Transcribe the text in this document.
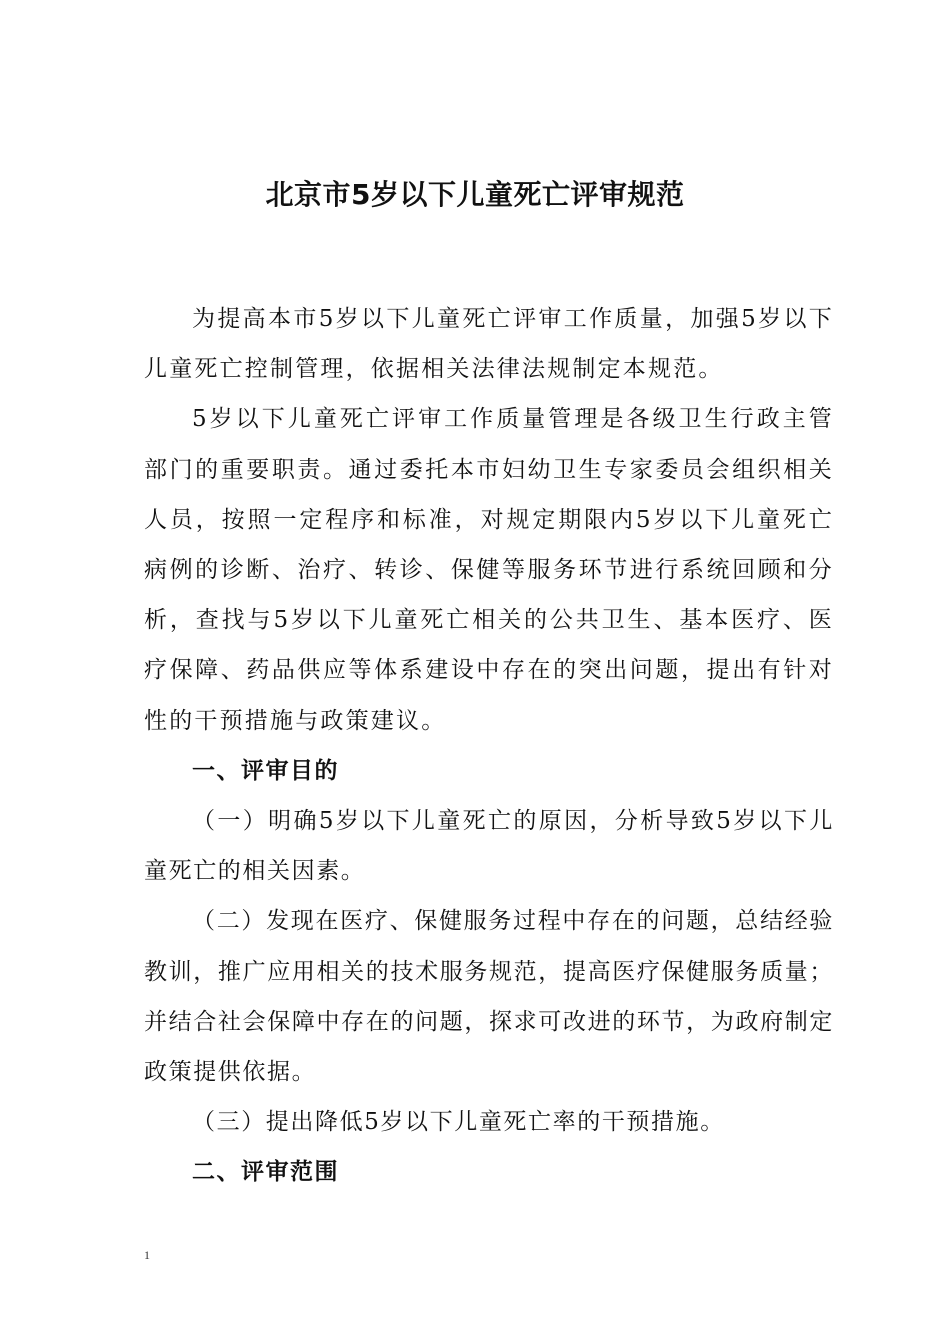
北京市5岁以下儿童死亡评审规范

为提高本市5岁以下儿童死亡评审工作质量，加强5岁以下儿童死亡控制管理，依据相关法律法规制定本规范。

5岁以下儿童死亡评审工作质量管理是各级卫生行政主管部门的重要职责。通过委托本市妇幼卫生专家委员会组织相关人员，按照一定程序和标准，对规定期限内5岁以下儿童死亡病例的诊断、治疗、转诊、保健等服务环节进行系统回顾和分析，查找与5岁以下儿童死亡相关的公共卫生、基本医疗、医疗保障、药品供应等体系建设中存在的突出问题，提出有针对性的干预措施与政策建议。

一、评审目的

（一）明确5岁以下儿童死亡的原因，分析导致5岁以下儿童死亡的相关因素。

（二）发现在医疗、保健服务过程中存在的问题，总结经验教训，推广应用相关的技术服务规范，提高医疗保健服务质量；并结合社会保障中存在的问题，探求可改进的环节，为政府制定政策提供依据。

（三）提出降低5岁以下儿童死亡率的干预措施。

二、评审范围

1
